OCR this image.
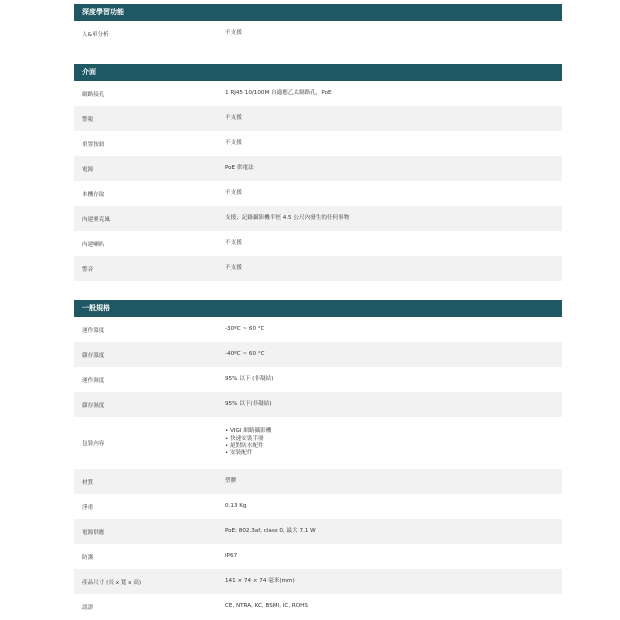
深度學習功能
人&車分析	不支援
介面
網路接孔	1 RJ45 10/100M 自適應乙太網路孔，PoE
警報	不支援
重置按鈕	不支援
電源	PoE 供電法
本機存取	不支援
內建麥克風	支援；記錄攝影機半徑 4.5 公尺內發生的任何事物
內建喇叭	不支援
警音	不支援
一般規格
運作溫度	-30ºC ~ 60 °C
儲存溫度	-40ºC ~ 60 °C
運作濕度	95% 以下 (非凝結)
儲存濕度	95% 以下(非凝結)
包裝內容
• VIGI 網路攝影機
• 快速安裝手冊
• 絕對防水配件
• 安裝配件
材質	塑膠
淨重	0.13 Kg
電源供應	PoE: 802.3af, class 0, 最大 7.1 W
防護	IP67
產品尺寸 (長 x 寬 x 高)	141 × 74 × 74 毫米(mm)
認證	CE, NTRA, KC, BSMI, IC, ROHS
